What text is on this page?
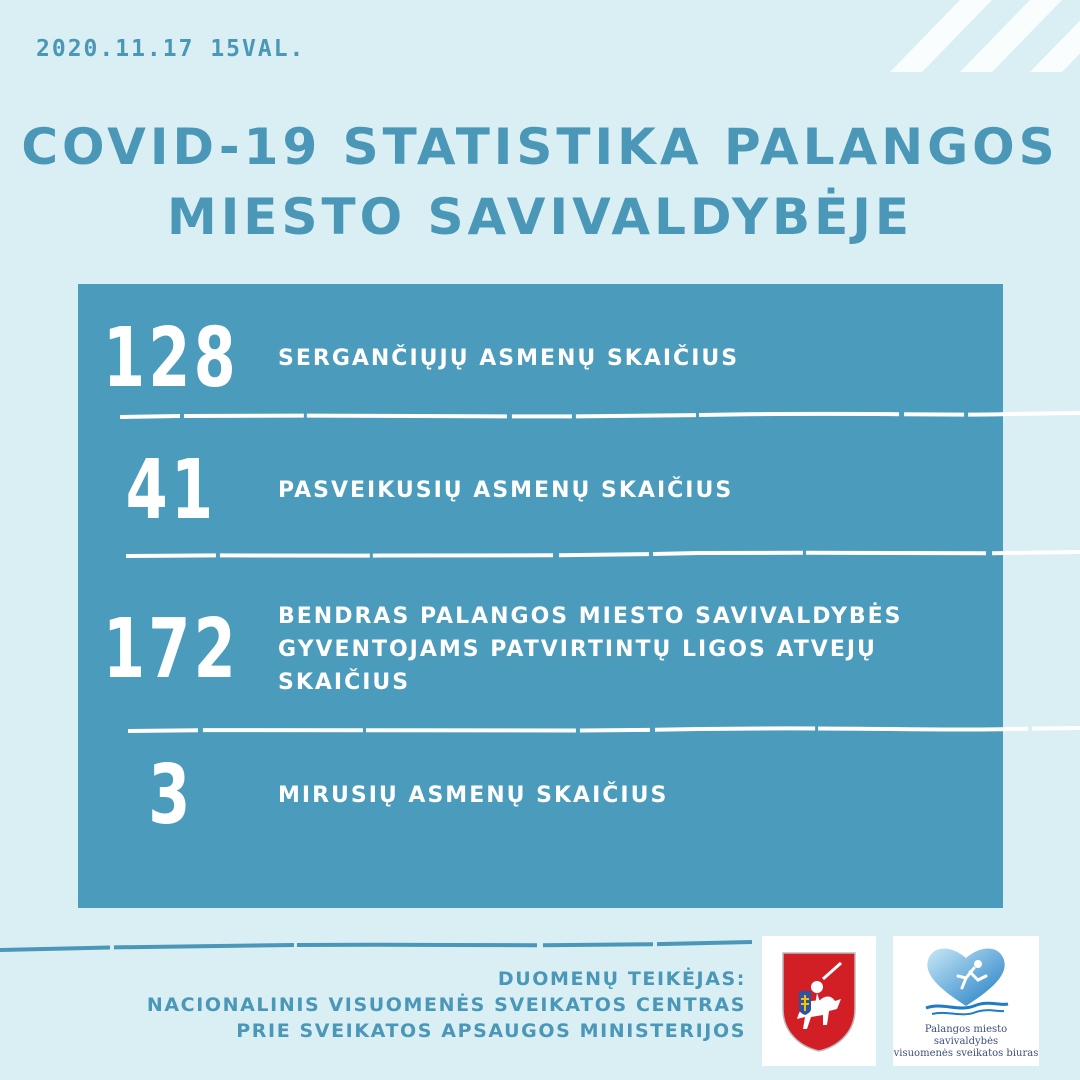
2020.11.17 15VAL.
COVID-19 STATISTIKA PALANGOS
MIESTO SAVIVALDYBĖJE
128	SERGANČIŲJŲ ASMENŲ SKAIČIUS
41	PASVEIKUSIŲ ASMENŲ SKAIČIUS
172	BENDRAS PALANGOS MIESTO SAVIVALDYBĖS
GYVENTOJAMS PATVIRTINTŲ LIGOS ATVEJŲ
SKAIČIUS
3	MIRUSIŲ ASMENŲ SKAIČIUS
DUOMENŲ TEIKĖJAS:
NACIONALINIS VISUOMENĖS SVEIKATOS CENTRAS
PRIE SVEIKATOS APSAUGOS MINISTERIJOS	Palangos miesto savivaldybės
visuomenės sveikatos biuras
